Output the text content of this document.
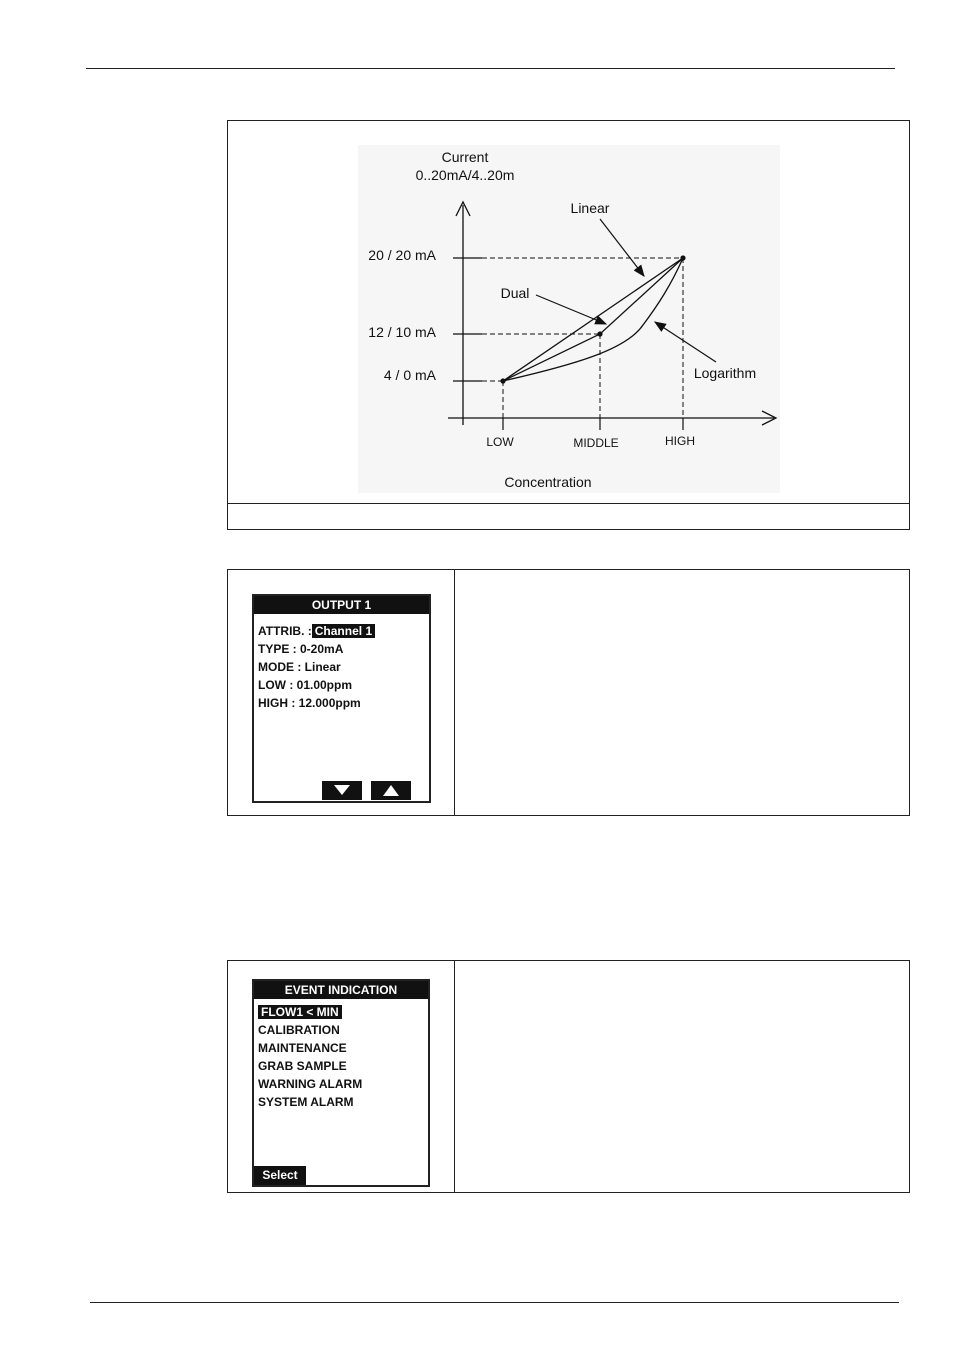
Current
0..20mA/4..20m
20 / 20 mA
12 / 10 mA
4 / 0 mA
LOW	MIDDLE	HIGH
Linear
Dual
Logarithm
Concentration
OUTPUT 1
ATTRIB. : Channel 1
TYPE : 0-20mA
MODE : Linear
LOW : 01.00ppm
HIGH : 12.000ppm
EVENT INDICATION
FLOW1 < MIN
CALIBRATION
MAINTENANCE
GRAB SAMPLE
WARNING ALARM
SYSTEM ALARM
Select
